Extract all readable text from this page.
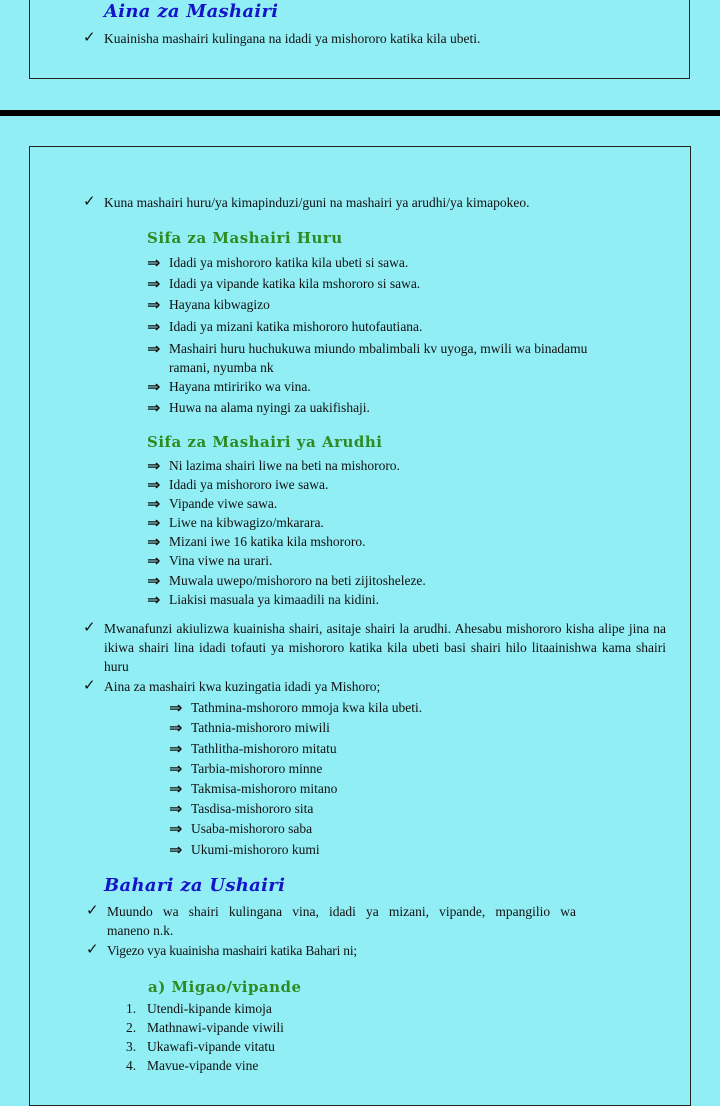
Aina za Mashairi
✓ Kuainisha mashairi kulingana na idadi ya mishororo katika kila ubeti.
✓ Kuna mashairi huru/ya kimapinduzi/guni na mashairi ya arudhi/ya kimapokeo.
Sifa za Mashairi Huru
⇒ Idadi ya mishororo katika kila ubeti si sawa.
⇒ Idadi ya vipande katika kila mshororo si sawa.
⇒ Hayana kibwagizo
⇒ Idadi ya mizani katika mishororo hutofautiana.
⇒ Mashairi huru huchukuwa miundo mbalimbali kv uyoga, mwili wa binadamu
ramani, nyumba nk
⇒ Hayana mtiririko wa vina.
⇒ Huwa na alama nyingi za uakifishaji.
Sifa za Mashairi ya Arudhi
⇒ Ni lazima shairi liwe na beti na mishororo.
⇒ Idadi ya mishororo iwe sawa.
⇒ Vipande viwe sawa.
⇒ Liwe na kibwagizo/mkarara.
⇒ Mizani iwe 16 katika kila mshororo.
⇒ Vina viwe na urari.
⇒ Muwala uwepo/mishororo na beti zijitosheleze.
⇒ Liakisi masuala ya kimaadili na kidini.
✓ Mwanafunzi akiulizwa kuainisha shairi, asitaje shairi la arudhi. Ahesabu mishororo kisha alipe jina na ikiwa shairi lina idadi tofauti ya mishororo katika kila ubeti basi shairi hilo litaainishwa kama shairi huru
✓ Aina za mashairi kwa kuzingatia idadi ya Mishoro;
⇒ Tathmina-mshororo mmoja kwa kila ubeti.
⇒ Tathnia-mishororo miwili
⇒ Tathlitha-mishororo mitatu
⇒ Tarbia-mishororo minne
⇒ Takmisa-mishororo mitano
⇒ Tasdisa-mishororo sita
⇒ Usaba-mishororo saba
⇒ Ukumi-mishororo kumi
Bahari za Ushairi
✓ Muundo wa shairi kulingana vina, idadi ya mizani, vipande, mpangilio wa
maneno n.k.
✓ Vigezo vya kuainisha mashairi katika Bahari ni;
a) Migao/vipande
1. Utendi-kipande kimoja
2. Mathnawi-vipande viwili
3. Ukawafi-vipande vitatu
4. Mavue-vipande vine
